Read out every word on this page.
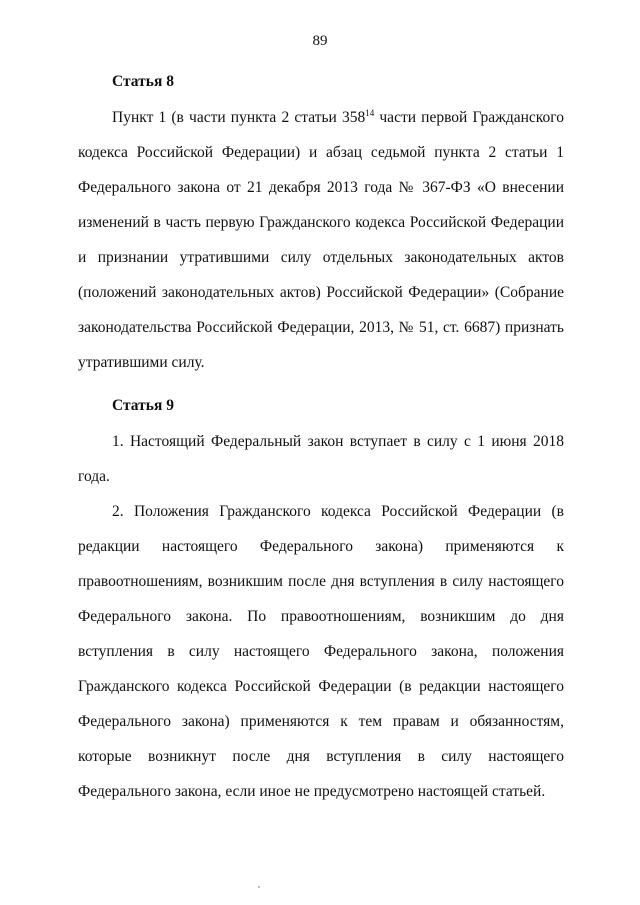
89
Статья 8

Пункт 1 (в части пункта 2 статьи $358^{14}$ части первой Гражданского кодекса Российской Федерации) и абзац седьмой пункта 2 статьи 1 Федерального закона от 21 декабря 2013 года № 367-ФЗ «О внесении изменений в часть первую Гражданского кодекса Российской Федерации и признании утратившими силу отдельных законодательных актов (положений законодательных актов) Российской Федерации» (Собрание законодательства Российской Федерации, 2013, № 51, ст. 6687) признать утратившими силу.

Статья 9

1. Настоящий Федеральный закон вступает в силу с 1 июня 2018 года.

2. Положения Гражданского кодекса Российской Федерации (в редакции настоящего Федерального закона) применяются к правоотношениям, возникшим после дня вступления в силу настоящего Федерального закона. По правоотношениям, возникшим до дня вступления в силу настоящего Федерального закона, положения Гражданского кодекса Российской Федерации (в редакции настоящего Федерального закона) применяются к тем правам и обязанностям, которые возникнут после дня вступления в силу настоящего Федерального закона, если иное не предусмотрено настоящей статьей.
